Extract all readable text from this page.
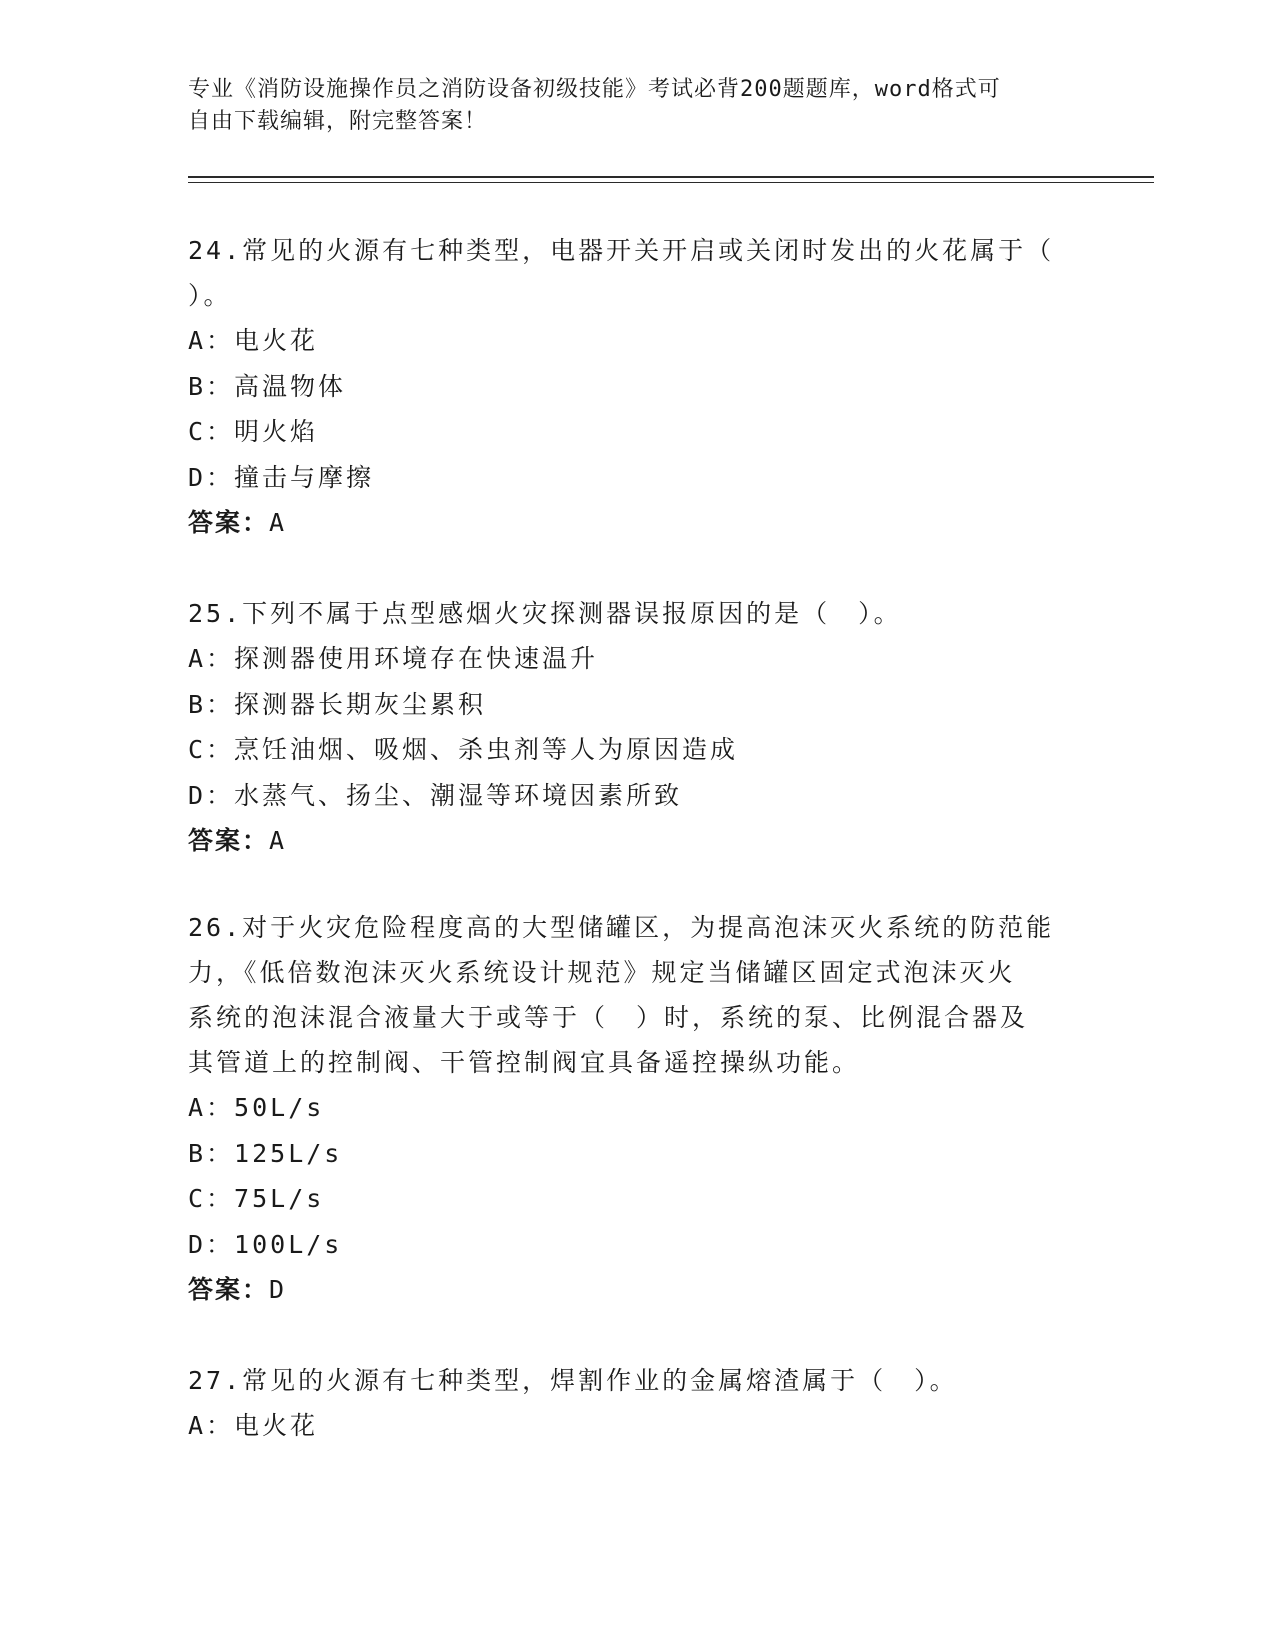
专业《消防设施操作员之消防设备初级技能》考试必背200题题库，word格式可
自由下载编辑，附完整答案！

24.常见的火源有七种类型，电器开关开启或关闭时发出的火花属于（

）。

A：电火花

B：高温物体

C：明火焰

D：撞击与摩擦

答案：A

25.下列不属于点型感烟火灾探测器误报原因的是（　）。

A：探测器使用环境存在快速温升

B：探测器长期灰尘累积

C：烹饪油烟、吸烟、杀虫剂等人为原因造成

D：水蒸气、扬尘、潮湿等环境因素所致

答案：A

26.对于火灾危险程度高的大型储罐区，为提高泡沫灭火系统的防范能

力，《低倍数泡沫灭火系统设计规范》规定当储罐区固定式泡沫灭火

系统的泡沫混合液量大于或等于（　）时，系统的泵、比例混合器及

其管道上的控制阀、干管控制阀宜具备遥控操纵功能。

A：50L/s

B：125L/s

C：75L/s

D：100L/s

答案：D

27.常见的火源有七种类型，焊割作业的金属熔渣属于（　）。

A：电火花
